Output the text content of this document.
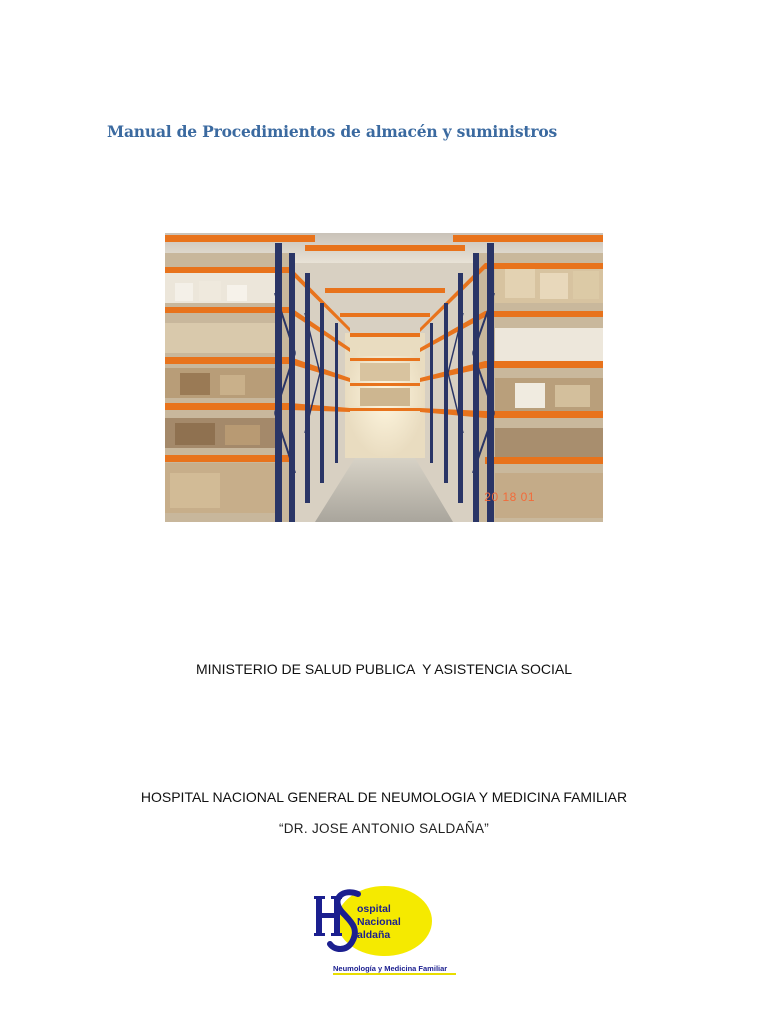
Manual de Procedimientos de almacén y suministros
20 18 01
MINISTERIO DE SALUD PUBLICA  Y ASISTENCIA SOCIAL
HOSPITAL NACIONAL GENERAL DE NEUMOLOGIA Y MEDICINA FAMILIAR
“DR. JOSE ANTONIO SALDAÑA”
ospital
Nacional
aldaña
Neumología y Medicina Familiar
